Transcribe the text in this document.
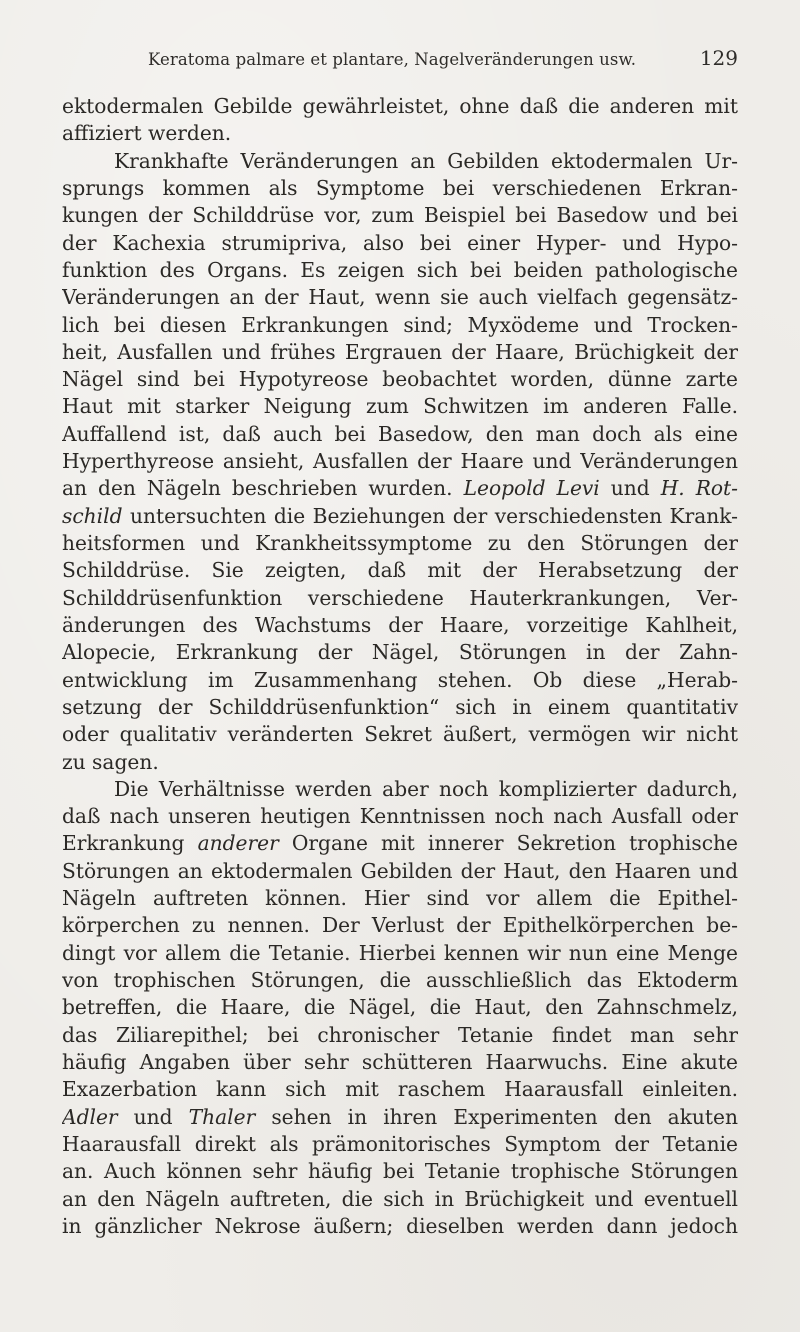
Keratoma palmare et plantare, Nagelveränderungen usw.	129
ektodermalen Gebilde gewährleistet, ohne daß die anderen mit
affiziert werden.
Krankhafte Veränderungen an Gebilden ektodermalen Ur-
sprungs kommen als Symptome bei verschiedenen Erkran-
kungen der Schilddrüse vor, zum Beispiel bei Basedow und bei
der Kachexia strumipriva, also bei einer Hyper- und Hypo-
funktion des Organs. Es zeigen sich bei beiden pathologische
Veränderungen an der Haut, wenn sie auch vielfach gegensätz-
lich bei diesen Erkrankungen sind; Myxödeme und Trocken-
heit, Ausfallen und frühes Ergrauen der Haare, Brüchigkeit der
Nägel sind bei Hypotyreose beobachtet worden, dünne zarte
Haut mit starker Neigung zum Schwitzen im anderen Falle.
Auffallend ist, daß auch bei Basedow, den man doch als eine
Hyperthyreose ansieht, Ausfallen der Haare und Veränderungen
an den Nägeln beschrieben wurden. Leopold Levi und H. Rot-
schild untersuchten die Beziehungen der verschiedensten Krank-
heitsformen und Krankheitssymptome zu den Störungen der
Schilddrüse. Sie zeigten, daß mit der Herabsetzung der
Schilddrüsenfunktion verschiedene Hauterkrankungen, Ver-
änderungen des Wachstums der Haare, vorzeitige Kahlheit,
Alopecie, Erkrankung der Nägel, Störungen in der Zahn-
entwicklung im Zusammenhang stehen. Ob diese „Herab-
setzung der Schilddrüsenfunktion“ sich in einem quantitativ
oder qualitativ veränderten Sekret äußert, vermögen wir nicht
zu sagen.
Die Verhältnisse werden aber noch komplizierter dadurch,
daß nach unseren heutigen Kenntnissen noch nach Ausfall oder
Erkrankung anderer Organe mit innerer Sekretion trophische
Störungen an ektodermalen Gebilden der Haut, den Haaren und
Nägeln auftreten können. Hier sind vor allem die Epithel-
körperchen zu nennen. Der Verlust der Epithelkörperchen be-
dingt vor allem die Tetanie. Hierbei kennen wir nun eine Menge
von trophischen Störungen, die ausschließlich das Ektoderm
betreffen, die Haare, die Nägel, die Haut, den Zahnschmelz,
das Ziliarepithel; bei chronischer Tetanie findet man sehr
häufig Angaben über sehr schütteren Haarwuchs. Eine akute
Exazerbation kann sich mit raschem Haarausfall einleiten.
Adler und Thaler sehen in ihren Experimenten den akuten
Haarausfall direkt als prämonitorisches Symptom der Tetanie
an. Auch können sehr häufig bei Tetanie trophische Störungen
an den Nägeln auftreten, die sich in Brüchigkeit und eventuell
in gänzlicher Nekrose äußern; dieselben werden dann jedoch
